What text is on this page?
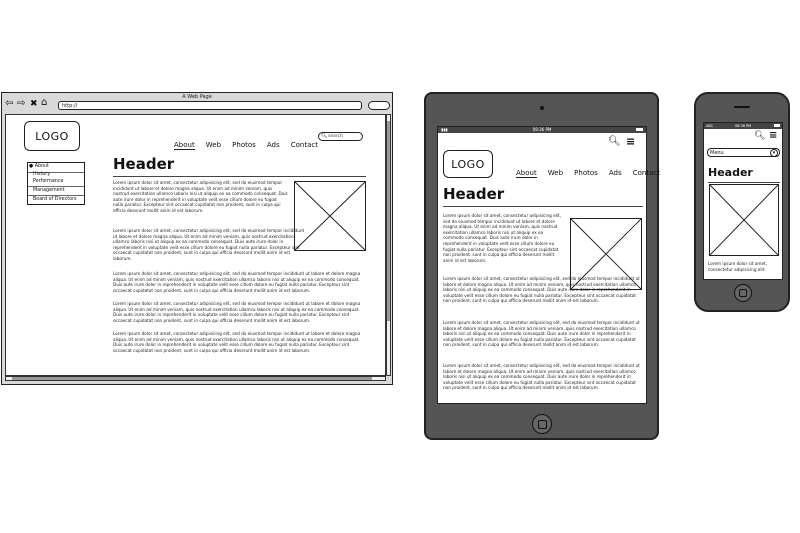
A Web Page
⇦ ⇨ ✖ ⌂	http://
LOGO
About Web Photos Ads Contact
🔍︎ search
● About
History
Performance
Management
Board of Directors
Header
Lorem ipsum dolor sit amet, consectetur adipisicing elit, sed do eiusmod tempor incididunt ut labore et dolore magna aliqua. Ut enim ad minim veniam, quis nostrud exercitation ullamco laboris nisi ut aliquip ex ea commodo consequat. Duis aute irure dolor in reprehenderit in voluptate velit esse cillum dolore eu fugiat nulla pariatur. Excepteur sint occaecat cupidatat non proident, sunt in culpa qui officia deserunt mollit anim id est laborum.
Lorem ipsum dolor sit amet, consectetur adipisicing elit, sed do eiusmod tempor incididunt ut labore et dolore magna aliqua. Ut enim ad minim veniam, quis nostrud exercitation ullamco laboris nisi ut aliquip ex ea commodo consequat. Duis aute irure dolor in reprehenderit in voluptate velit esse cillum dolore eu fugiat nulla pariatur. Excepteur sint occaecat cupidatat non proident, sunt in culpa qui officia deserunt mollit anim id est laborum.
Lorem ipsum dolor sit amet, consectetur adipisicing elit, sed do eiusmod tempor incididunt ut labore et dolore magna aliqua. Ut enim ad minim veniam, quis nostrud exercitation ullamco laboris nisi ut aliquip ex ea commodo consequat. Duis aute irure dolor in reprehenderit in voluptate velit esse cillum dolore eu fugiat nulla pariatur. Excepteur sint occaecat cupidatat non proident, sunt in culpa qui officia deserunt mollit anim id est laborum.
Lorem ipsum dolor sit amet, consectetur adipisicing elit, sed do eiusmod tempor incididunt ut labore et dolore magna aliqua. Ut enim ad minim veniam, quis nostrud exercitation ullamco laboris nisi ut aliquip ex ea commodo consequat. Duis aute irure dolor in reprehenderit in voluptate velit esse cillum dolore eu fugiat nulla pariatur. Excepteur sint occaecat cupidatat non proident, sunt in culpa qui officia deserunt mollit anim id est laborum.
Lorem ipsum dolor sit amet, consectetur adipisicing elit, sed do eiusmod tempor incididunt ut labore et dolore magna aliqua. Ut enim ad minim veniam, quis nostrud exercitation ullamco laboris nisi ut aliquip ex ea commodo consequat. Duis aute irure dolor in reprehenderit in voluptate velit esse cillum dolore eu fugiat nulla pariatur. Excepteur sint occaecat cupidatat non proident, sunt in culpa qui officia deserunt mollit anim id est laborum.
▮▮▮	08:36 PM
🔍︎ ≡
LOGO
About Web Photos Ads Contact
Header
Lorem ipsum dolor sit amet, consectetur adipisicing elit, sed do eiusmod tempor incididunt ut labore et dolore magna aliqua. Ut enim ad minim veniam, quis nostrud exercitation ullamco laboris nisi ut aliquip ex ea commodo consequat. Duis aute irure dolor in reprehenderit in voluptate velit esse cillum dolore eu fugiat nulla pariatur. Excepteur sint occaecat cupidatat non proident, sunt in culpa qui officia deserunt mollit anim id est laborum.
Lorem ipsum dolor sit amet, consectetur adipisicing elit, sed do eiusmod tempor incididunt ut labore et dolore magna aliqua. Ut enim ad minim veniam, quis nostrud exercitation ullamco laboris nisi ut aliquip ex ea commodo consequat. Duis aute irure dolor in reprehenderit in voluptate velit esse cillum dolore eu fugiat nulla pariatur. Excepteur sint occaecat cupidatat non proident, sunt in culpa qui officia deserunt mollit anim id est laborum.
Lorem ipsum dolor sit amet, consectetur adipisicing elit, sed do eiusmod tempor incididunt ut labore et dolore magna aliqua. Ut enim ad minim veniam, quis nostrud exercitation ullamco laboris nisi ut aliquip ex ea commodo consequat. Duis aute irure dolor in reprehenderit in voluptate velit esse cillum dolore eu fugiat nulla pariatur. Excepteur sint occaecat cupidatat non proident, sunt in culpa qui officia deserunt mollit anim id est laborum.
Lorem ipsum dolor sit amet, consectetur adipisicing elit, sed do eiusmod tempor incididunt ut labore et dolore magna aliqua. Ut enim ad minim veniam, quis nostrud exercitation ullamco laboris nisi ut aliquip ex ea commodo consequat. Duis aute irure dolor in reprehenderit in voluptate velit esse cillum dolore eu fugiat nulla pariatur. Excepteur sint occaecat cupidatat non proident, sunt in culpa qui officia deserunt mollit anim id est laborum.
ABC	08:36 PM
🔍︎ ≡
Menu	▾
Header
Lorem ipsum dolor sit amet, consectetur adipisicing elit.
